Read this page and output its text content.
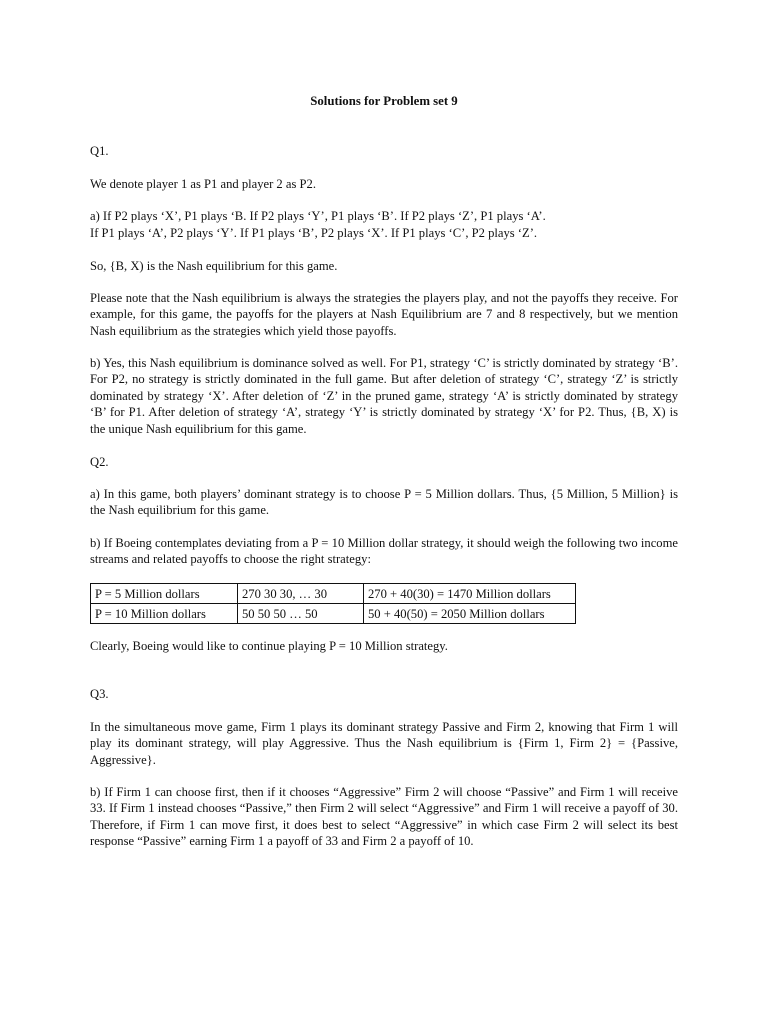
Solutions for Problem set 9

Q1.

We denote player 1 as P1 and player 2 as P2.

a) If P2 plays ‘X’, P1 plays ‘B. If P2 plays ‘Y’, P1 plays ‘B’. If P2 plays ‘Z’, P1 plays ‘A’.

If P1 plays ‘A’, P2 plays ‘Y’. If P1 plays ‘B’, P2 plays ‘X’. If P1 plays ‘C’, P2 plays ‘Z’.

So, {B, X) is the Nash equilibrium for this game.

Please note that the Nash equilibrium is always the strategies the players play, and not the payoffs they receive. For example, for this game, the payoffs for the players at Nash Equilibrium are 7 and 8 respectively, but we mention Nash equilibrium as the strategies which yield those payoffs.

b) Yes, this Nash equilibrium is dominance solved as well. For P1, strategy ‘C’ is strictly dominated by strategy ‘B’. For P2, no strategy is strictly dominated in the full game. But after deletion of strategy ‘C’, strategy ‘Z’ is strictly dominated by strategy ‘X’. After deletion of ‘Z’ in the pruned game, strategy ‘A’ is strictly dominated by strategy ‘B’ for P1. After deletion of strategy ‘A’, strategy ‘Y’ is strictly dominated by strategy ‘X’ for P2. Thus, {B, X) is the unique Nash equilibrium for this game.

Q2.

a) In this game, both players’ dominant strategy is to choose P = 5 Million dollars. Thus, {5 Million, 5 Million} is the Nash equilibrium for this game.

b) If Boeing contemplates deviating from a P = 10 Million dollar strategy, it should weigh the following two income streams and related payoffs to choose the right strategy:

P = 5 Million dollars	270 30 30, … 30	270 + 40(30) = 1470 Million dollars
P = 10 Million dollars	50 50 50 … 50	50 + 40(50) = 2050 Million dollars

Clearly, Boeing would like to continue playing P = 10 Million strategy.

Q3.

In the simultaneous move game, Firm 1 plays its dominant strategy Passive and Firm 2, knowing that Firm 1 will play its dominant strategy, will play Aggressive. Thus the Nash equilibrium is {Firm 1, Firm 2} = {Passive, Aggressive}.

b) If Firm 1 can choose first, then if it chooses “Aggressive” Firm 2 will choose “Passive” and Firm 1 will receive 33. If Firm 1 instead chooses “Passive,” then Firm 2 will select “Aggressive” and Firm 1 will receive a payoff of 30. Therefore, if Firm 1 can move first, it does best to select “Aggressive” in which case Firm 2 will select its best response “Passive” earning Firm 1 a payoff of 33 and Firm 2 a payoff of 10.
